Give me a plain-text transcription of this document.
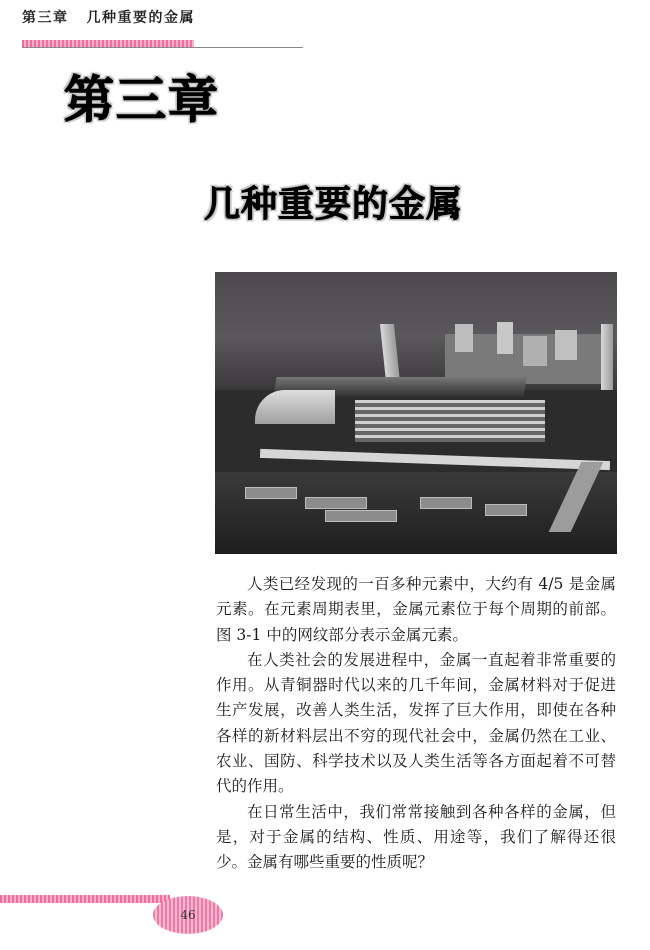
第三章 几种重要的金属
第三章
几种重要的金属

人类已经发现的一百多种元素中，大约有 4/5 是金属元素。在元素周期表里，金属元素位于每个周期的前部。图 3-1 中的网纹部分表示金属元素。

在人类社会的发展进程中，金属一直起着非常重要的作用。从青铜器时代以来的几千年间，金属材料对于促进生产发展，改善人类生活，发挥了巨大作用，即使在各种各样的新材料层出不穷的现代社会中，金属仍然在工业、农业、国防、科学技术以及人类生活等各方面起着不可替代的作用。

在日常生活中，我们常常接触到各种各样的金属，但是，对于金属的结构、性质、用途等，我们了解得还很少。金属有哪些重要的性质呢？

46
